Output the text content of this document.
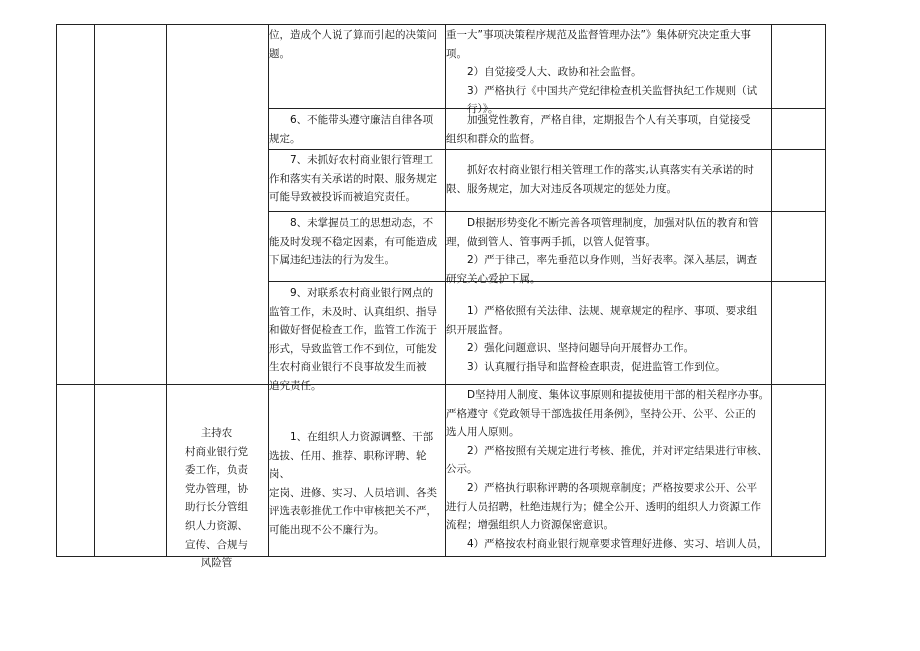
位，造成个人说了算而引起的决策问

题。

重一大”事项决策程序规范及监督管理办法”》集体研究决定重大事

项。

　　2）自觉接受人大、政协和社会监督。

　　3）严格执行《中国共产党纪律检查机关监督执纪工作规则（试

　　行）》。

　　6、不能带头遵守廉洁自律各项

规定。

　　加强党性教育，严格自律，定期报告个人有关事项，自觉接受

组织和群众的监督。

　　7、未抓好农村商业银行管理工

作和落实有关承诺的时限、服务规定

可能导致被投诉而被追究责任。

　　抓好农村商业银行相关管理工作的落实,认真落实有关承诺的时

限、服务规定，加大对违反各项规定的惩处力度。

　　8、未掌握员工的思想动态，不

能及时发现不稳定因素，有可能造成

下属违纪违法的行为发生。

　　D根据形势变化不断完善各项管理制度，加强对队伍的教育和管

理，做到管人、管事两手抓，以管人促管事。

　　2）严于律己，率先垂范以身作则，当好表率。深入基层，调查

研究关心爱护下属。

　　9、对联系农村商业银行网点的

监管工作，未及时、认真组织、指导

和做好督促检查工作，监管工作流于

形式，导致监管工作不到位，可能发

生农村商业银行不良事故发生而被

追究责任。

　　1）严格依照有关法律、法规、规章规定的程序、事项、要求组

织开展监督。

　　2）强化问题意识、坚持问题导向开展督办工作。

　　3）认真履行指导和监督检查职责，促进监管工作到位。

主持农

村商业银行党

委工作，负责

党办管理，协

助行长分管组

织人力资源、

宣传、合规与

风险管

　　1、在组织人力资源调整、干部

选拔、任用、推荐、职称评聘、轮岗、

定岗、进修、实习、人员培训、各类

评选表彰推优工作中审核把关不严，

可能出现不公不廉行为。

　　D坚持用人制度、集体议事原则和提拔使用干部的相关程序办事。

严格遵守《党政领导干部选拔任用条例》，坚持公开、公平、公正的

选人用人原则。

　　2）严格按照有关规定进行考核、推优，并对评定结果进行审核、

公示。

　　2）严格执行职称评聘的各项规章制度；严格按要求公开、公平

进行人员招聘，杜绝违规行为；健全公开、透明的组织人力资源工作

流程；增强组织人力资源保密意识。

　　4）严格按农村商业银行规章要求管理好进修、实习、培训人员，
